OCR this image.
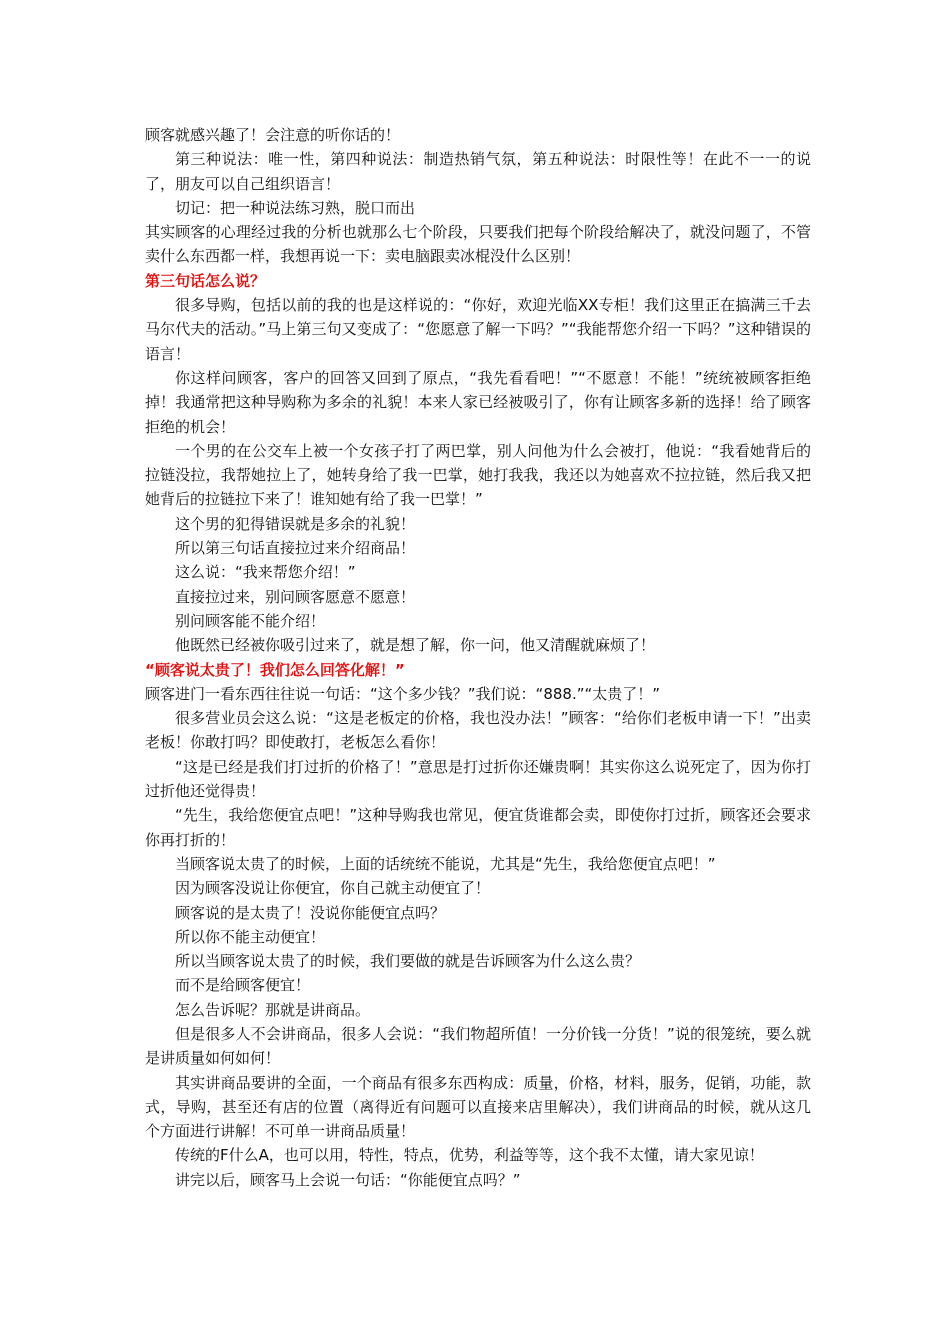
顾客就感兴趣了！会注意的听你话的！

第三种说法：唯一性，第四种说法：制造热销气氛，第五种说法：时限性等！在此不一一的说了，朋友可以自己组织语言！

切记：把一种说法练习熟，脱口而出

其实顾客的心理经过我的分析也就那么七个阶段，只要我们把每个阶段给解决了，就没问题了，不管卖什么东西都一样，我想再说一下：卖电脑跟卖冰棍没什么区别！

第三句话怎么说？

很多导购，包括以前的我的也是这样说的：“你好，欢迎光临XX专柜！我们这里正在搞满三千去马尔代夫的活动。”马上第三句又变成了：“您愿意了解一下吗？”“我能帮您介绍一下吗？”这种错误的语言！

你这样问顾客，客户的回答又回到了原点，“我先看看吧！”“不愿意！不能！”统统被顾客拒绝掉！我通常把这种导购称为多余的礼貌！本来人家已经被吸引了，你有让顾客多新的选择！给了顾客拒绝的机会！

一个男的在公交车上被一个女孩子打了两巴掌，别人问他为什么会被打，他说：“我看她背后的拉链没拉，我帮她拉上了，她转身给了我一巴掌，她打我我，我还以为她喜欢不拉拉链，然后我又把她背后的拉链拉下来了！谁知她有给了我一巴掌！”

这个男的犯得错误就是多余的礼貌！

所以第三句话直接拉过来介绍商品！

这么说：“我来帮您介绍！”

直接拉过来，别问顾客愿意不愿意！

别问顾客能不能介绍！

他既然已经被你吸引过来了，就是想了解，你一问，他又清醒就麻烦了！

“顾客说太贵了！我们怎么回答化解！”

顾客进门一看东西往往说一句话：“这个多少钱？”我们说：“888.”“太贵了！”

很多营业员会这么说：“这是老板定的价格，我也没办法！”顾客：“给你们老板申请一下！”出卖老板！你敢打吗？即使敢打，老板怎么看你！

“这是已经是我们打过折的价格了！”意思是打过折你还嫌贵啊！其实你这么说死定了，因为你打过折他还觉得贵！

“先生，我给您便宜点吧！”这种导购我也常见，便宜货谁都会卖，即使你打过折，顾客还会要求你再打折的！

当顾客说太贵了的时候，上面的话统统不能说，尤其是“先生，我给您便宜点吧！”

因为顾客没说让你便宜，你自己就主动便宜了！

顾客说的是太贵了！没说你能便宜点吗？

所以你不能主动便宜！

所以当顾客说太贵了的时候，我们要做的就是告诉顾客为什么这么贵？

而不是给顾客便宜！

怎么告诉呢？那就是讲商品。

但是很多人不会讲商品，很多人会说：“我们物超所值！一分价钱一分货！”说的很笼统，要么就是讲质量如何如何！

其实讲商品要讲的全面，一个商品有很多东西构成：质量，价格，材料，服务，促销，功能，款式，导购，甚至还有店的位置（离得近有问题可以直接来店里解决），我们讲商品的时候，就从这几个方面进行讲解！不可单一讲商品质量！

传统的F什么A，也可以用，特性，特点，优势，利益等等，这个我不太懂，请大家见谅！

讲完以后，顾客马上会说一句话：“你能便宜点吗？”
